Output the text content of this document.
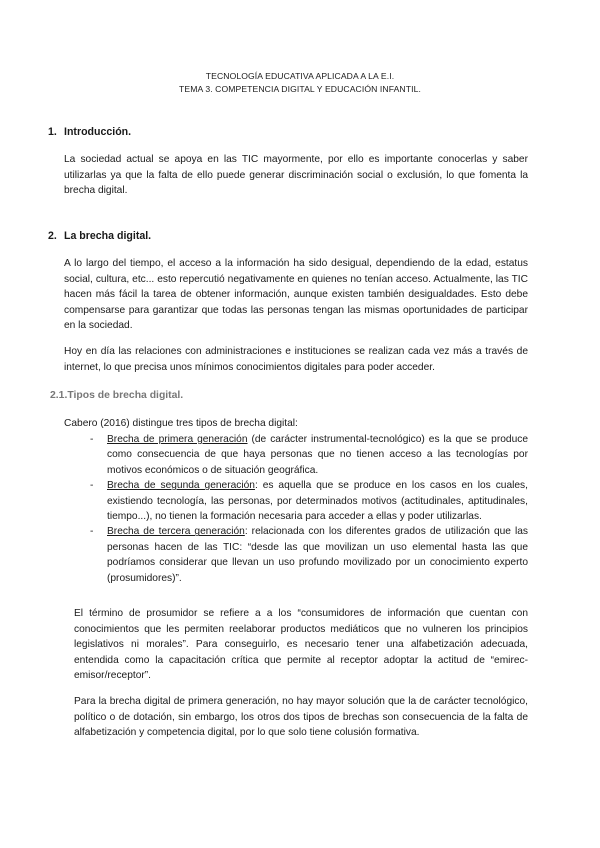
TECNOLOGÍA EDUCATIVA APLICADA A LA E.I.
TEMA 3. COMPETENCIA DIGITAL Y EDUCACIÓN INFANTIL.
1. Introducción.
La sociedad actual se apoya en las TIC mayormente, por ello es importante conocerlas y saber utilizarlas ya que la falta de ello puede generar discriminación social o exclusión, lo que fomenta la brecha digital.
2. La brecha digital.
A lo largo del tiempo, el acceso a la información ha sido desigual, dependiendo de la edad, estatus social, cultura, etc... esto repercutió negativamente en quienes no tenían acceso. Actualmente, las TIC hacen más fácil la tarea de obtener información, aunque existen también desigualdades. Esto debe compensarse para garantizar que todas las personas tengan las mismas oportunidades de participar en la sociedad.
Hoy en día las relaciones con administraciones e instituciones se realizan cada vez más a través de internet, lo que precisa unos mínimos conocimientos digitales para poder acceder.
2.1.Tipos de brecha digital.
Cabero (2016) distingue tres tipos de brecha digital:
- Brecha de primera generación (de carácter instrumental-tecnológico) es la que se produce como consecuencia de que haya personas que no tienen acceso a las tecnologías por motivos económicos o de situación geográfica.
- Brecha de segunda generación: es aquella que se produce en los casos en los cuales, existiendo tecnología, las personas, por determinados motivos (actitudinales, aptitudinales, tiempo...), no tienen la formación necesaria para acceder a ellas y poder utilizarlas.
- Brecha de tercera generación: relacionada con los diferentes grados de utilización que las personas hacen de las TIC: “desde las que movilizan un uso elemental hasta las que podríamos considerar que llevan un uso profundo movilizado por un conocimiento experto (prosumidores)”.
El término de prosumidor se refiere a a los “consumidores de información que cuentan con conocimientos que les permiten reelaborar productos mediáticos que no vulneren los principios legislativos ni morales”. Para conseguirlo, es necesario tener una alfabetización adecuada, entendida como la capacitación crítica que permite al receptor adoptar la actitud de “emirec- emisor/receptor”.
Para la brecha digital de primera generación, no hay mayor solución que la de carácter tecnológico, político o de dotación, sin embargo, los otros dos tipos de brechas son consecuencia de la falta de alfabetización y competencia digital, por lo que solo tiene colusión formativa.
